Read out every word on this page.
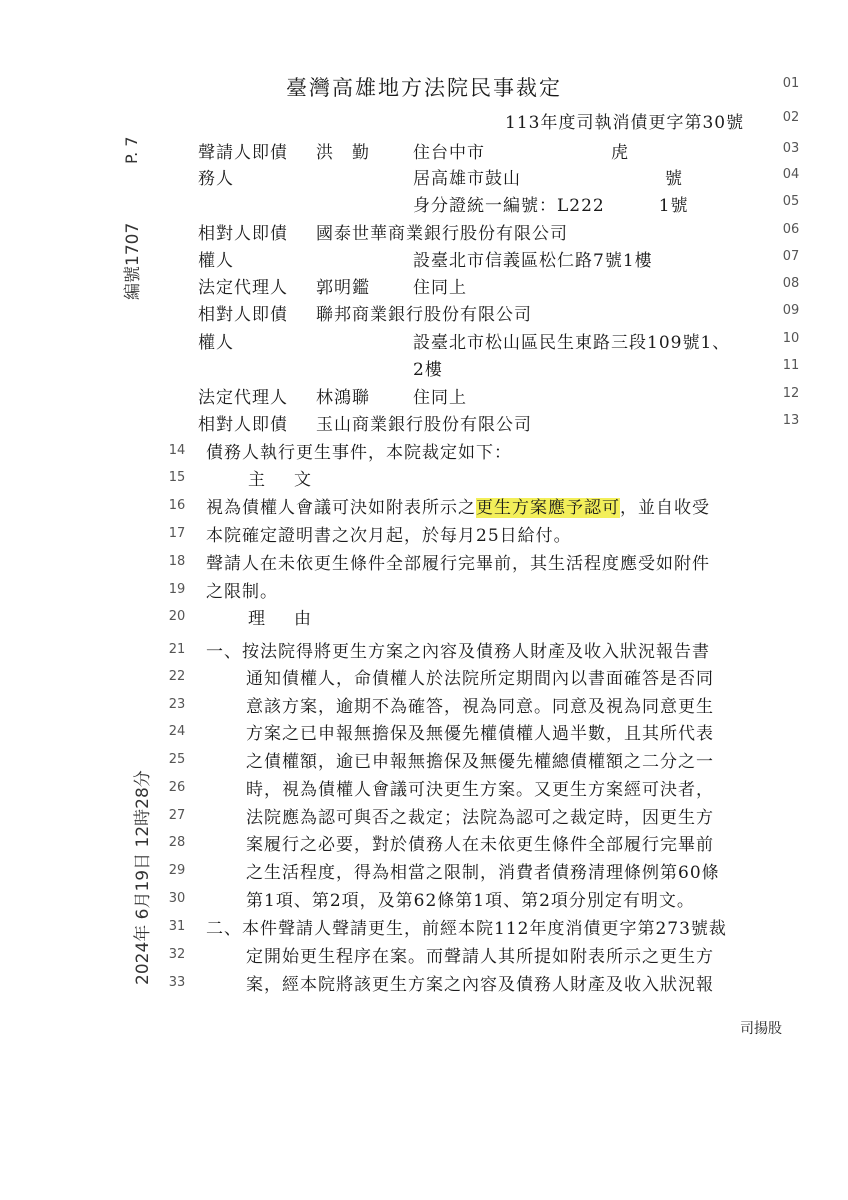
P. 7
編號1707
2024年 6月19日 12時28分
臺灣高雄地方法院民事裁定
113年度司執消債更字第30號
01
02
03
04
05
06
07
08
09
10
11
12
13
聲請人即債 洪　勤	住台中市　　　　　　　虎
務人	居高雄市鼓山　　　　　　　　號
身分證統一編號：L222　　　1號
相對人即債 國泰世華商業銀行股份有限公司
權人	設臺北市信義區松仁路7號1樓
法定代理人 郭明鑑	住同上
相對人即債 聯邦商業銀行股份有限公司
權人	設臺北市松山區民生東路三段109號1、
2樓
法定代理人 林鴻聯	住同上
相對人即債 玉山商業銀行股份有限公司
14	債務人執行更生事件，本院裁定如下：
15	主　文
16	視為債權人會議可決如附表所示之更生方案應予認可，並自收受
17	本院確定證明書之次月起，於每月25日給付。
18	聲請人在未依更生條件全部履行完畢前，其生活程度應受如附件
19	之限制。
20	理　由
21	一、按法院得將更生方案之內容及債務人財產及收入狀況報告書
22	通知債權人，命債權人於法院所定期間內以書面確答是否同
23	意該方案，逾期不為確答，視為同意。同意及視為同意更生
24	方案之已申報無擔保及無優先權債權人過半數，且其所代表
25	之債權額，逾已申報無擔保及無優先權總債權額之二分之一
26	時，視為債權人會議可決更生方案。又更生方案經可決者，
27	法院應為認可與否之裁定；法院為認可之裁定時，因更生方
28	案履行之必要，對於債務人在未依更生條件全部履行完畢前
29	之生活程度，得為相當之限制，消費者債務清理條例第60條
30	第1項、第2項，及第62條第1項、第2項分別定有明文。
31	二、本件聲請人聲請更生，前經本院112年度消債更字第273號裁
32	定開始更生程序在案。而聲請人其所提如附表所示之更生方
33	案，經本院將該更生方案之內容及債務人財產及收入狀況報
司揚股
